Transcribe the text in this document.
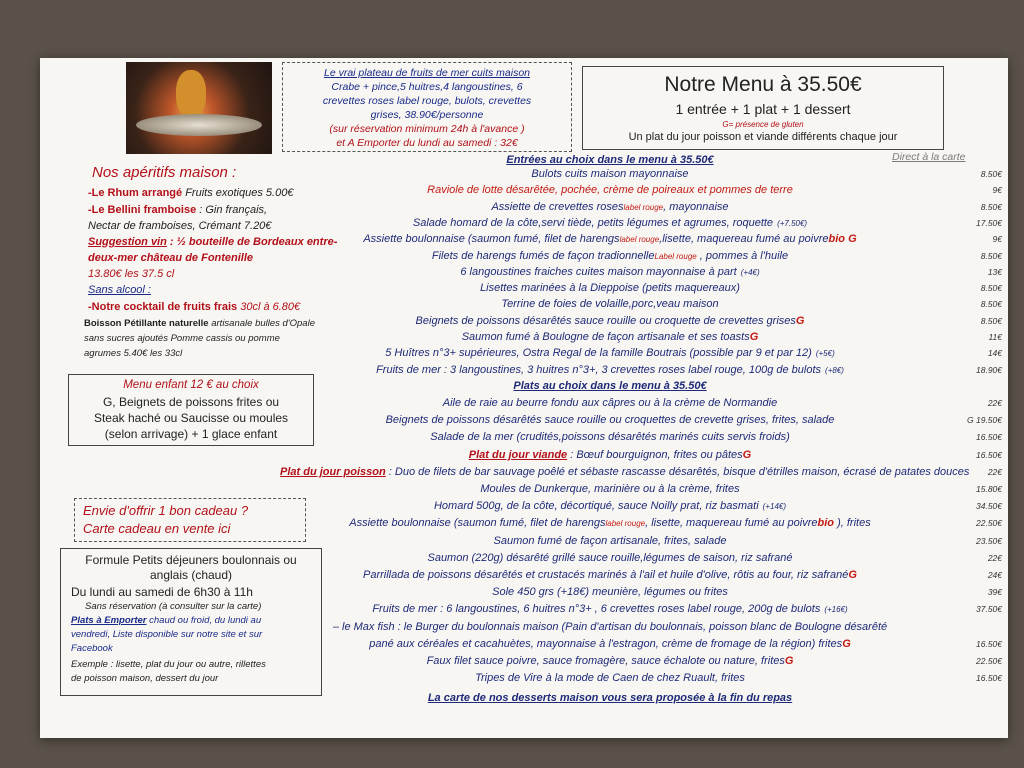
Le vrai plateau de fruits de mer cuits maison
Crabe + pince,5 huitres,4 langoustines, 6
crevettes roses label rouge, bulots, crevettes
grises, 38.90€/personne
(sur réservation minimum 24h à l'avance )
et A Emporter du lundi au samedi : 32€
Notre Menu à 35.50€
1 entrée + 1 plat + 1 dessert
G= présence de gluten
Un plat du jour poisson et viande différents chaque jour
Nos apéritifs maison :
-Le Rhum arrangé Fruits exotiques 5.00€
-Le Bellini framboise : Gin français,
Nectar de framboises, Crémant 7.20€
Suggestion vin : ½ bouteille de Bordeaux entre-
deux-mer château de Fontenille
13.80€ les 37.5 cl
Sans alcool :
-Notre cocktail de fruits frais 30cl à 6.80€
Boisson Pétillante naturelle artisanale bulles d'Opale
sans sucres ajoutés Pomme cassis ou pomme
agrumes 5.40€ les 33cl
Menu enfant 12 € au choix
G, Beignets de poissons frites ou
Steak haché ou Saucisse ou moules
(selon arrivage) + 1 glace enfant
Envie d'offrir 1 bon cadeau ?
Carte cadeau en vente ici
Formule Petits déjeuners boulonnais ou
anglais (chaud)
Du lundi au samedi de 6h30 à 11h
Sans réservation (à consulter sur la carte)
Plats à Emporter chaud ou froid, du lundi au
vendredi, Liste disponible sur notre site et sur
Facebook
Exemple : lisette, plat du jour ou autre, rillettes
de poisson maison, dessert du jour
Entrées au choix dans le menu à 35.50€	Direct à la carte
Bulots cuits maison mayonnaise	8.50€
Raviole de lotte désarêtée, pochée, crème de poireaux et pommes de terre	9€
Assiette de crevettes roseslabel rouge, mayonnaise	8.50€
Salade homard de la côte,servi tiède, petits légumes et agrumes, roquette (+7.50€)	17.50€
Assiette boulonnaise (saumon fumé, filet de harengslabel rouge,lisette, maquereau fumé au poivrebio G	9€
Filets de harengs fumés de façon tradionnelleLabel rouge , pommes à l'huile	8.50€
6 langoustines fraiches cuites maison mayonnaise à part (+4€)	13€
Lisettes marinées à la Dieppoise (petits maquereaux)	8.50€
Terrine de foies de volaille,porc,veau maison	8.50€
Beignets de poissons désarêtés sauce rouille ou croquette de crevettes grisesG	8.50€
Saumon fumé à Boulogne de façon artisanale et ses toastsG	11€
5 Huîtres n°3+ supérieures, Ostra Regal de la famille Boutrais (possible par 9 et par 12) (+5€)	14€
Fruits de mer : 3 langoustines, 3 huitres n°3+, 3 crevettes roses label rouge, 100g de bulots (+8€)	18.90€
Plats au choix dans le menu à 35.50€
Aile de raie au beurre fondu aux câpres ou à la crème de Normandie	22€
Beignets de poissons désarêtés sauce rouille ou croquettes de crevette grises, frites, salade	G 19.50€
Salade de la mer (crudités,poissons désarêtés marinés cuits servis froids)	16.50€
Plat du jour viande : Bœuf bourguignon, frites ou pâtesG	16.50€
Plat du jour poisson : Duo de filets de bar sauvage poêlé et sébaste rascasse désarêtés, bisque d'étrilles maison, écrasé de patates douces	22€
Moules de Dunkerque, marinière ou à la crème, frites	15.80€
Homard 500g, de la côte, décortiqué, sauce Noilly prat, riz basmati (+14€)	34.50€
Assiette boulonnaise (saumon fumé, filet de harengslabel rouge, lisette, maquereau fumé au poivrebio ), frites	22.50€
Saumon fumé de façon artisanale, frites, salade	23.50€
Saumon (220g) désarêté grillé sauce rouille,légumes de saison, riz safrané	22€
Parrillada de poissons désarêtés et crustacés marinés à l'ail et huile d'olive, rôtis au four, riz safranéG	24€
Sole 450 grs (+18€) meunière, légumes ou frites	39€
Fruits de mer : 6 langoustines, 6 huitres n°3+ , 6 crevettes roses label rouge, 200g de bulots (+16€)	37.50€
– le Max fish : le Burger du boulonnais maison (Pain d'artisan du boulonnais, poisson blanc de Boulogne désarêté
pané aux céréales et cacahuètes, mayonnaise à l'estragon, crème de fromage de la région) fritesG	16.50€
Faux filet sauce poivre, sauce fromagère, sauce échalote ou nature, fritesG	22.50€
Tripes de Vire à la mode de Caen de chez Ruault, frites	16.50€
La carte de nos desserts maison vous sera proposée à la fin du repas
